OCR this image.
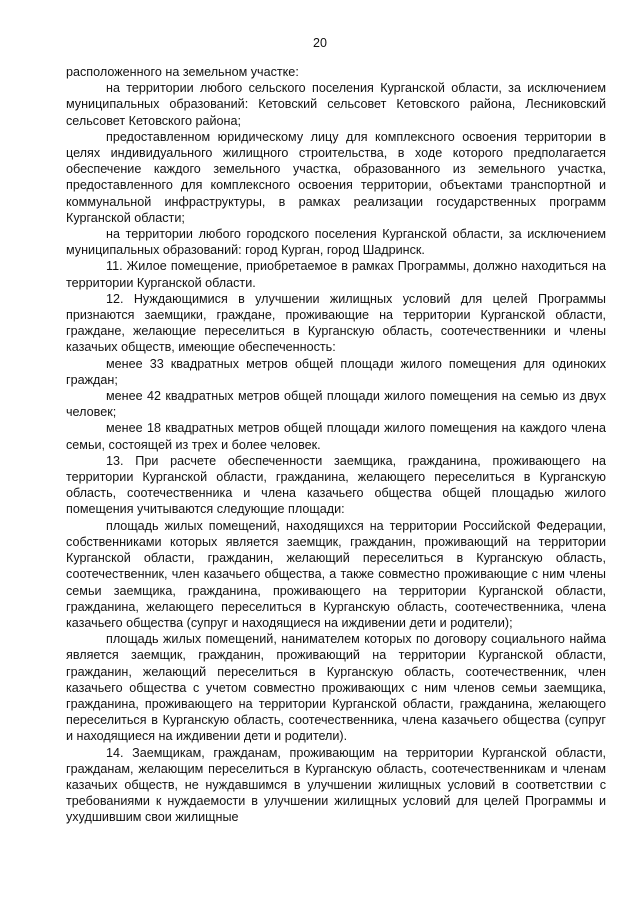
20

расположенного на земельном участке:

на территории любого сельского поселения Курганской области, за исключением муниципальных образований: Кетовский сельсовет Кетовского района, Лесниковский сельсовет Кетовского района;

предоставленном юридическому лицу для комплексного освоения территории в целях индивидуального жилищного строительства, в ходе которого предполагается обеспечение каждого земельного участка, образованного из земельного участка, предоставленного для комплексного освоения территории, объектами транспортной и коммунальной инфраструктуры, в рамках реализации государственных программ Курганской области;

на территории любого городского поселения Курганской области, за исключением муниципальных образований: город Курган, город Шадринск.

11. Жилое помещение, приобретаемое в рамках Программы, должно находиться на территории Курганской области.

12. Нуждающимися в улучшении жилищных условий для целей Программы признаются заемщики, граждане, проживающие на территории Курганской области, граждане, желающие переселиться в Курганскую область, соотечественники и члены казачьих обществ, имеющие обеспеченность:

менее 33 квадратных метров общей площади жилого помещения для одиноких граждан;

менее 42 квадратных метров общей площади жилого помещения на семью из двух человек;

менее 18 квадратных метров общей площади жилого помещения на каждого члена семьи, состоящей из трех и более человек.

13. При расчете обеспеченности заемщика, гражданина, проживающего на территории Курганской области, гражданина, желающего переселиться в Курганскую область, соотечественника и члена казачьего общества общей площадью жилого помещения учитываются следующие площади:

площадь жилых помещений, находящихся на территории Российской Федерации, собственниками которых является заемщик, гражданин, проживающий на территории Курганской области, гражданин, желающий переселиться в Курганскую область, соотечественник, член казачьего общества, а также совместно проживающие с ним члены семьи заемщика, гражданина, проживающего на территории Курганской области, гражданина, желающего переселиться в Курганскую область, соотечественника, члена казачьего общества (супруг и находящиеся на иждивении дети и родители);

площадь жилых помещений, нанимателем которых по договору социального найма является заемщик, гражданин, проживающий на территории Курганской области, гражданин, желающий переселиться в Курганскую область, соотечественник, член казачьего общества с учетом совместно проживающих с ним членов семьи заемщика, гражданина, проживающего на территории Курганской области, гражданина, желающего переселиться в Курганскую область, соотечественника, члена казачьего общества (супруг и находящиеся на иждивении дети и родители).

14. Заемщикам, гражданам, проживающим на территории Курганской области, гражданам, желающим переселиться в Курганскую область, соотечественникам и членам казачьих обществ, не нуждавшимся в улучшении жилищных условий в соответствии с требованиями к нуждаемости в улучшении жилищных условий для целей Программы и ухудшившим свои жилищные
